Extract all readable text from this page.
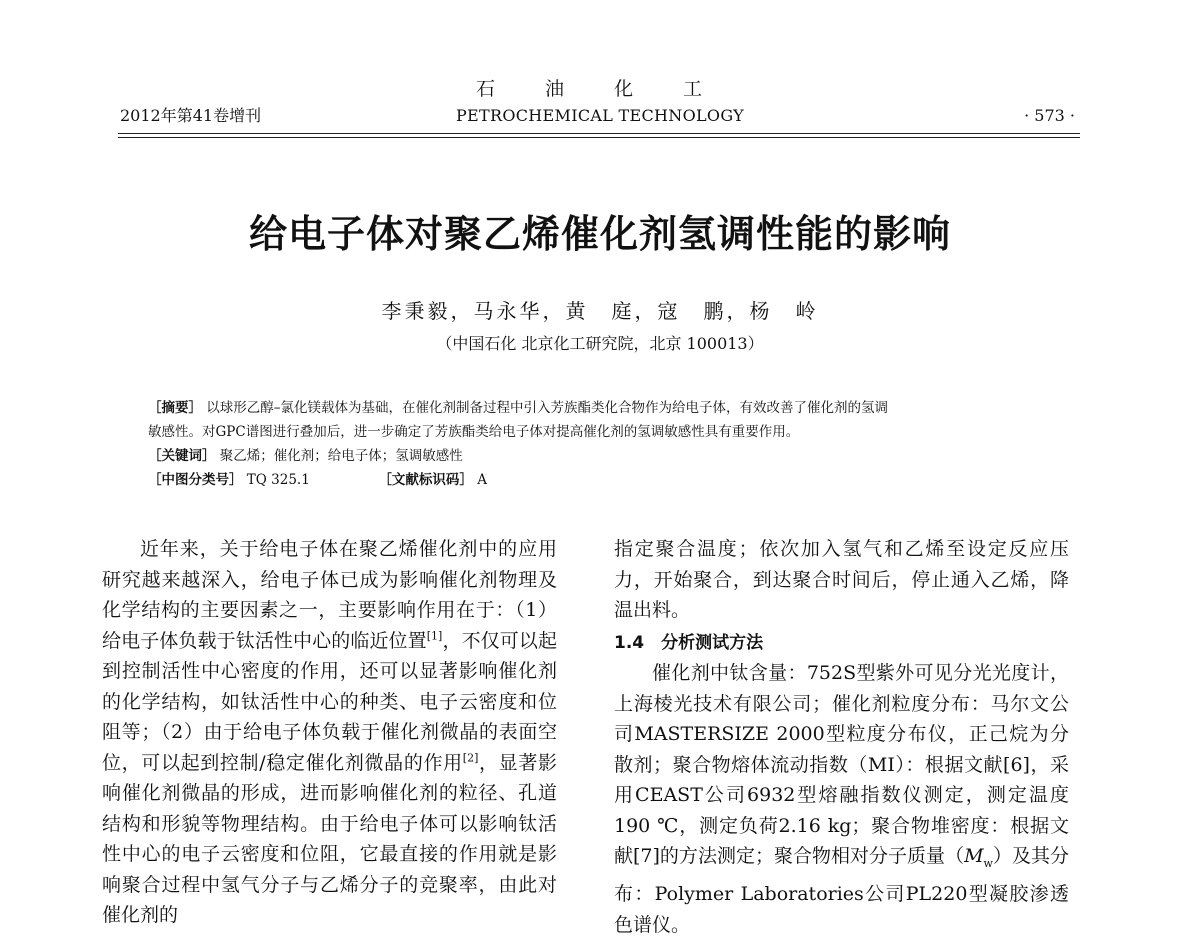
石 油 化 工
2012年第41卷增刊	PETROCHEMICAL TECHNOLOGY	· 573 ·
给电子体对聚乙烯催化剂氢调性能的影响
李秉毅，马永华，黄　庭，寇　鹏，杨　岭
（中国石化 北京化工研究院，北京 100013）
［摘要］ 以球形乙醇–氯化镁载体为基础，在催化剂制备过程中引入芳族酯类化合物作为给电子体，有效改善了催化剂的氢调
敏感性。对GPC谱图进行叠加后，进一步确定了芳族酯类给电子体对提高催化剂的氢调敏感性具有重要作用。
［关键词］ 聚乙烯；催化剂；给电子体；氢调敏感性
［中图分类号］ TQ 325.1	［文献标识码］ A

近年来，关于给电子体在聚乙烯催化剂中的应用研究越来越深入，给电子体已成为影响催化剂物理及化学结构的主要因素之一，主要影响作用在于：（1）给电子体负载于钛活性中心的临近位置[1]，不仅可以起到控制活性中心密度的作用，还可以显著影响催化剂的化学结构，如钛活性中心的种类、电子云密度和位阻等；（2）由于给电子体负载于催化剂微晶的表面空位，可以起到控制/稳定催化剂微晶的作用[2]，显著影响催化剂微晶的形成，进而影响催化剂的粒径、孔道结构和形貌等物理结构。由于给电子体可以影响钛活性中心的电子云密度和位阻，它最直接的作用就是影响聚合过程中氢气分子与乙烯分子的竞聚率，由此对催化剂的

指定聚合温度；依次加入氢气和乙烯至设定反应压力，开始聚合，到达聚合时间后，停止通入乙烯，降温出料。

1.4　分析测试方法

催化剂中钛含量：752S型紫外可见分光光度计，上海棱光技术有限公司；催化剂粒度分布：马尔文公司MASTERSIZE 2000型粒度分布仪，正己烷为分散剂；聚合物熔体流动指数（MI）：根据文献[6]，采用CEAST公司6932型熔融指数仪测定，测定温度190 ℃，测定负荷2.16 kg；聚合物堆密度：根据文献[7]的方法测定；聚合物相对分子质量$(M_w)$及其分布：Polymer Laboratories公司PL220型凝胶渗透色谱仪。
